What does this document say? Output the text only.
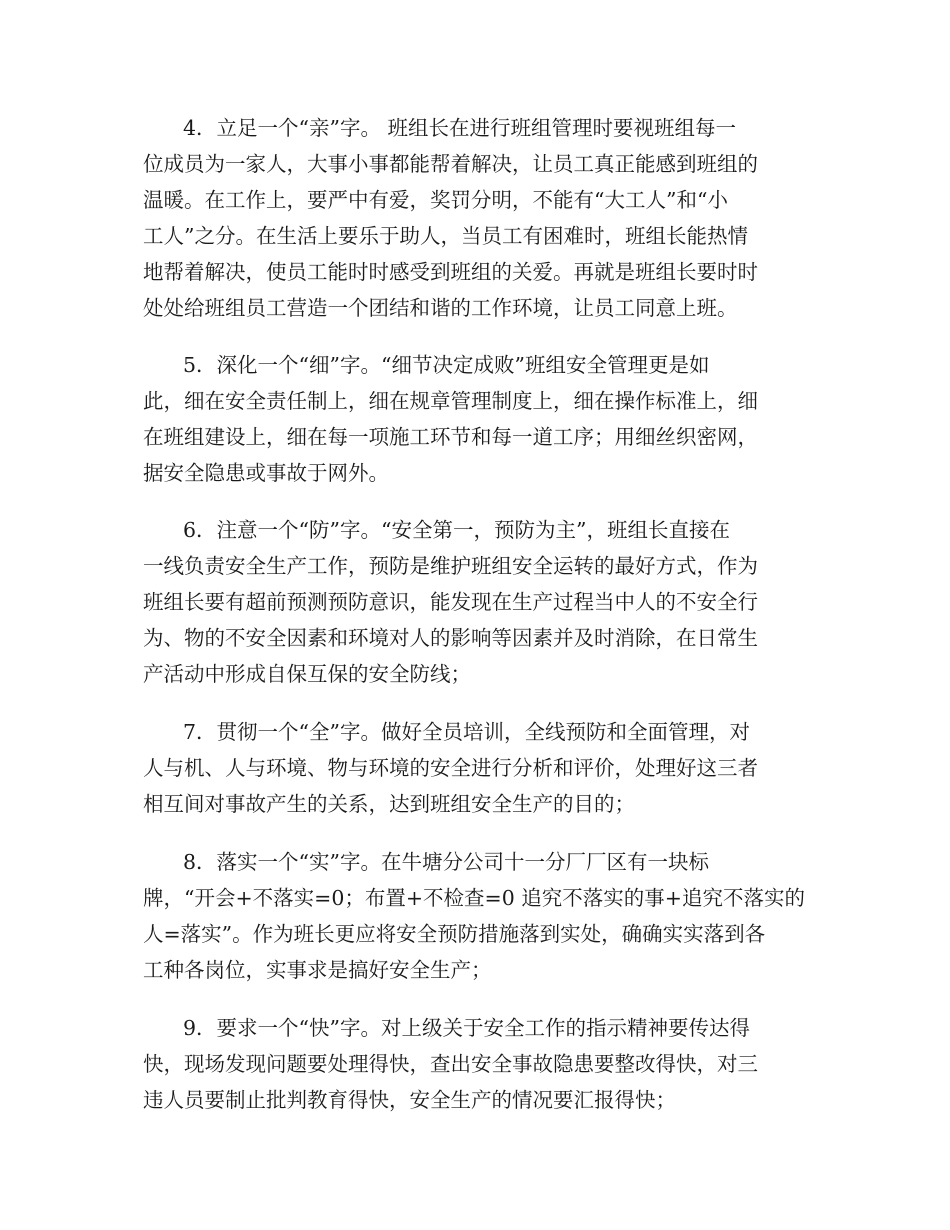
4．立足一个“亲”字。 班组长在进行班组管理时要视班组每一
位成员为一家人，大事小事都能帮着解决，让员工真正能感到班组的
温暖。在工作上，要严中有爱，奖罚分明，不能有“大工人”和“小
工人”之分。在生活上要乐于助人，当员工有困难时，班组长能热情
地帮着解决，使员工能时时感受到班组的关爱。再就是班组长要时时
处处给班组员工营造一个团结和谐的工作环境，让员工同意上班。
5．深化一个“细”字。“细节决定成败”班组安全管理更是如
此，细在安全责任制上，细在规章管理制度上，细在操作标准上，细
在班组建设上，细在每一项施工环节和每一道工序；用细丝织密网，
据安全隐患或事故于网外。
6．注意一个“防”字。“安全第一，预防为主”，班组长直接在
一线负责安全生产工作，预防是维护班组安全运转的最好方式，作为
班组长要有超前预测预防意识，能发现在生产过程当中人的不安全行
为、物的不安全因素和环境对人的影响等因素并及时消除，在日常生
产活动中形成自保互保的安全防线；
7．贯彻一个“全”字。做好全员培训，全线预防和全面管理，对
人与机、人与环境、物与环境的安全进行分析和评价，处理好这三者
相互间对事故产生的关系，达到班组安全生产的目的；
8．落实一个“实”字。在牛塘分公司十一分厂厂区有一块标
牌，“开会+不落实=0；布置+不检查=0 追究不落实的事+追究不落实的
人=落实”。作为班长更应将安全预防措施落到实处，确确实实落到各
工种各岗位，实事求是搞好安全生产；
9．要求一个“快”字。对上级关于安全工作的指示精神要传达得
快，现场发现问题要处理得快，查出安全事故隐患要整改得快，对三
违人员要制止批判教育得快，安全生产的情况要汇报得快；
